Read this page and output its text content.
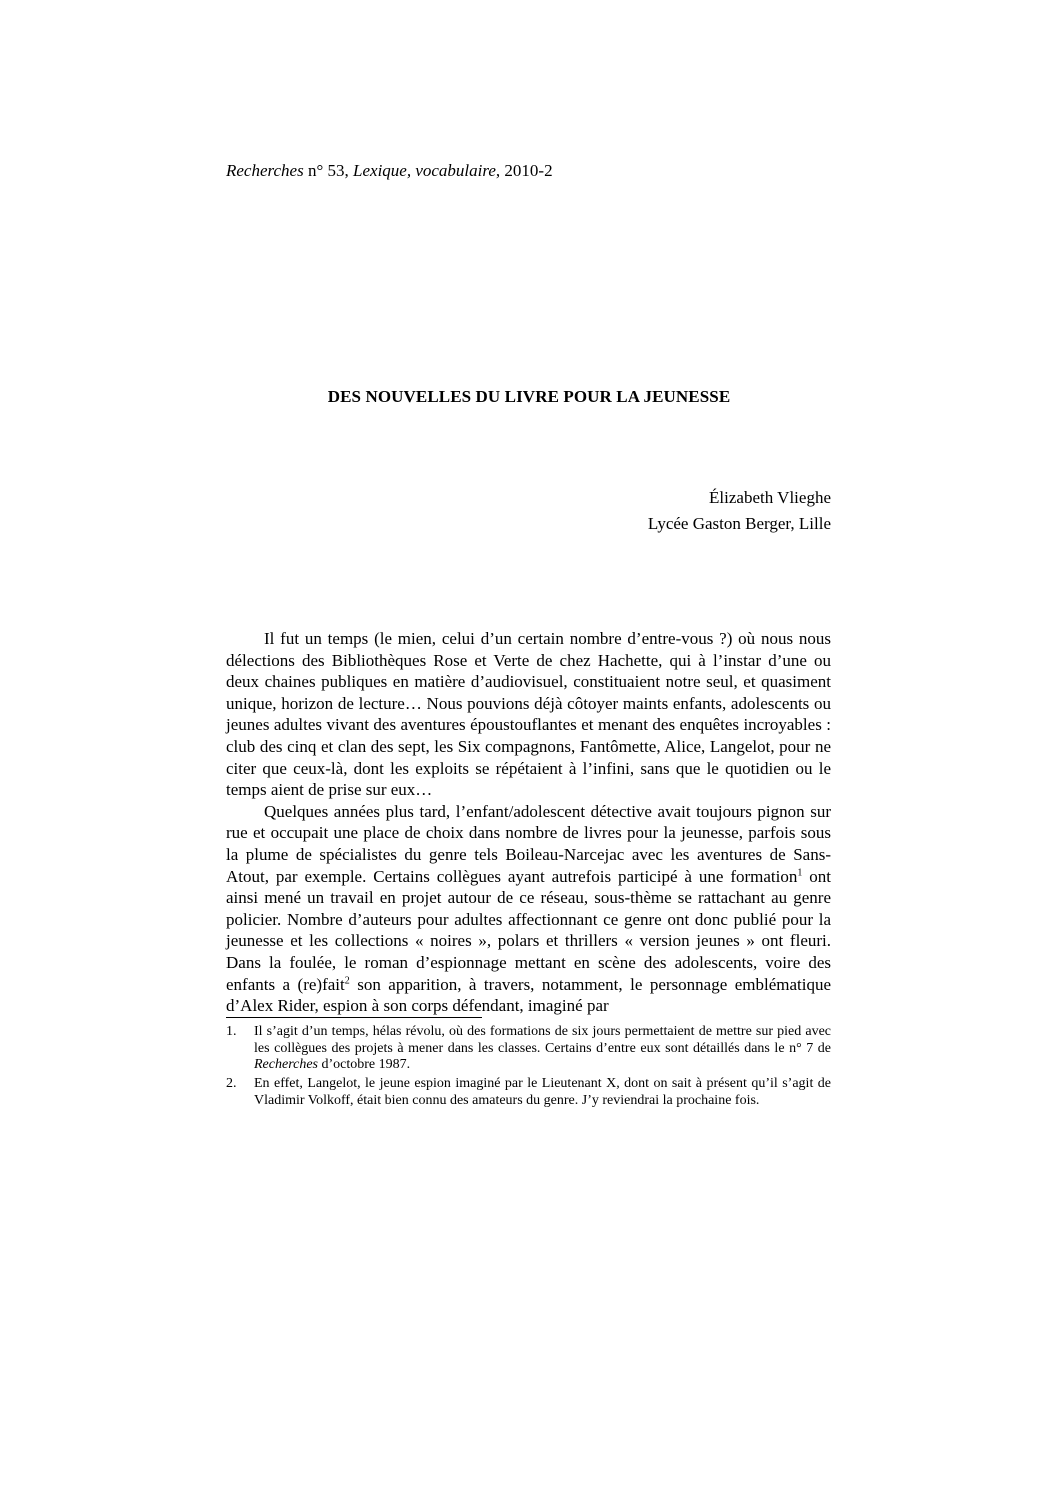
Recherches n° 53, Lexique, vocabulaire, 2010-2
DES NOUVELLES DU LIVRE POUR LA JEUNESSE
Élizabeth Vlieghe
Lycée Gaston Berger, Lille

Il fut un temps (le mien, celui d’un certain nombre d’entre-vous ?) où nous nous délections des Bibliothèques Rose et Verte de chez Hachette, qui à l’instar d’une ou deux chaines publiques en matière d’audiovisuel, constituaient notre seul, et quasiment unique, horizon de lecture… Nous pouvions déjà côtoyer maints enfants, adolescents ou jeunes adultes vivant des aventures époustouflantes et menant des enquêtes incroyables : club des cinq et clan des sept, les Six compagnons, Fantômette, Alice, Langelot, pour ne citer que ceux-là, dont les exploits se répétaient à l’infini, sans que le quotidien ou le temps aient de prise sur eux…

Quelques années plus tard, l’enfant/adolescent détective avait toujours pignon sur rue et occupait une place de choix dans nombre de livres pour la jeunesse, parfois sous la plume de spécialistes du genre tels Boileau-Narcejac avec les aventures de Sans-Atout, par exemple. Certains collègues ayant autrefois participé à une formation$^1$ ont ainsi mené un travail en projet autour de ce réseau, sous-thème se rattachant au genre policier. Nombre d’auteurs pour adultes affectionnant ce genre ont donc publié pour la jeunesse et les collections « noires », polars et thrillers « version jeunes » ont fleuri. Dans la foulée, le roman d’espionnage mettant en scène des adolescents, voire des enfants a (re)fait$^2$ son apparition, à travers, notamment, le personnage emblématique d’Alex Rider, espion à son corps défendant, imaginé par

1.	Il s’agit d’un temps, hélas révolu, où des formations de six jours permettaient de mettre sur pied avec les collègues des projets à mener dans les classes. Certains d’entre eux sont détaillés dans le n° 7 de Recherches d’octobre 1987.
2.	En effet, Langelot, le jeune espion imaginé par le Lieutenant X, dont on sait à présent qu’il s’agit de Vladimir Volkoff, était bien connu des amateurs du genre. J’y reviendrai la prochaine fois.
